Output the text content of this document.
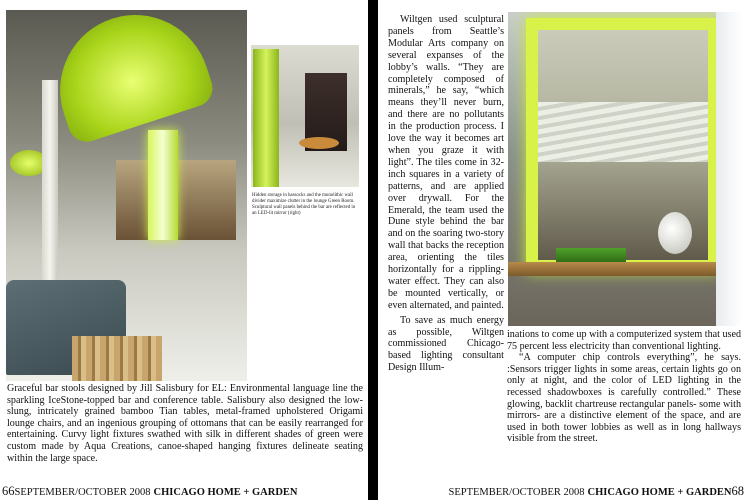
Hidden storage in hassocks and the monolithic wall divider maximize clutter in the lounge Green Room. Sculptural wall panels behind the bar are reflected in an LED-lit mirror (right)

Graceful bar stools designed by Jill Salisbury for EL: Environmental language line the sparkling IceStone-topped bar and conference table. Salisbury also designed the low-slung, intricately grained bamboo Tian tables, metal-framed upholstered Origami lounge chairs, and an ingenious grouping of ottomans that can be easily rearranged for entertaining. Curvy light fixtures swathed with silk in different shades of green were custom made by Aqua Creations, canoe-shaped hanging fixtures delineate seating within the large space.

66 SEPTEMBER/OCTOBER 2008 CHICAGO HOME + GARDEN

Wiltgen used sculptural panels from Seattle’s Modular Arts company on several expanses of the lobby’s walls. “They are completely composed of minerals,” he say, “which means they’ll never burn, and there are no pollutants in the production process. I love the way it becomes art when you graze it with light”. The tiles come in 32-inch squares in a variety of patterns, and are applied over drywall. For the Emerald, the team used the Dune style behind the bar and on the soaring two-story wall that backs the reception area, orienting the tiles horizontally for a rippling-water effect. They can also be mounted vertically, or even alternated, and painted.

To save as much energy as possible, Wiltgen commissioned Chicago-based lighting consultant Design Illum-

inations to come up with a computerized system that used 75 percent less electricity than conventional lighting.

“A computer chip controls everything”, he says. :Sensors trigger lights in some areas, certain lights go on only at night, and the color of LED lighting in the recessed shadowboxes is carefully controlled.” These glowing, backlit chartreuse rectangular panels- some with mirrors- are a distinctive element of the space, and are used in both tower lobbies as well as in long hallways visible from the street.

SEPTEMBER/OCTOBER 2008 CHICAGO HOME + GARDEN 68
